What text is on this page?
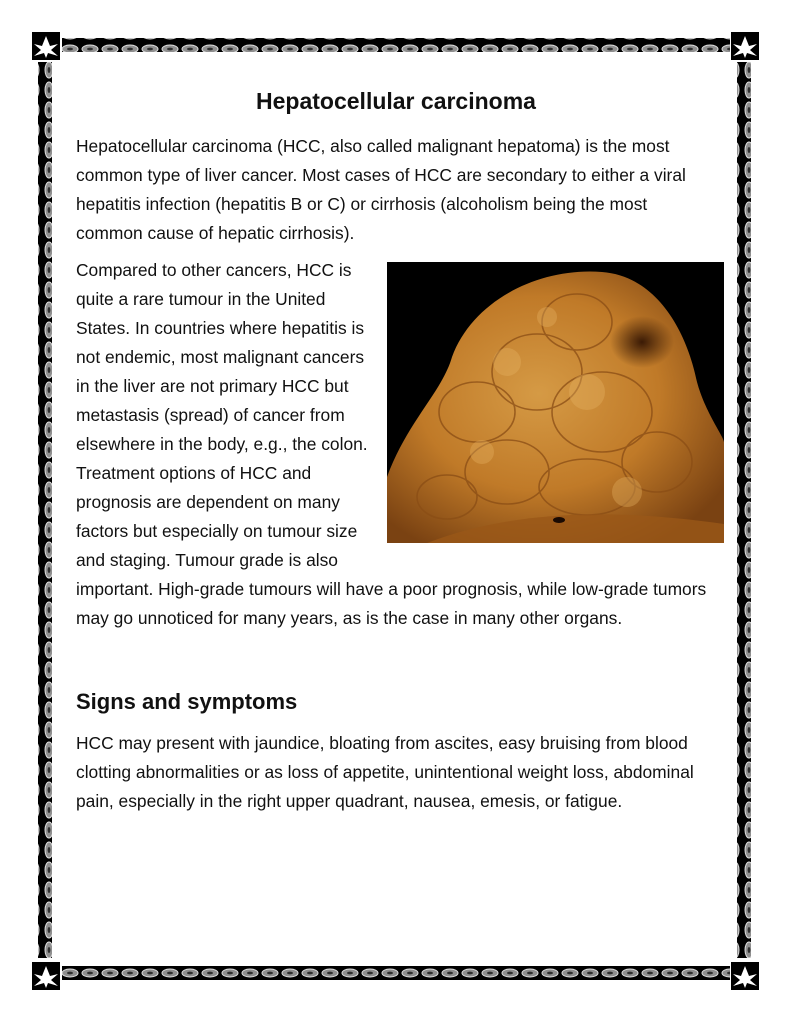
Hepatocellular carcinoma

Hepatocellular carcinoma (HCC, also called malignant hepatoma) is the most common type of liver cancer. Most cases of HCC are secondary to either a viral hepatitis infection (hepatitis B or C) or cirrhosis (alcoholism being the most common cause of hepatic cirrhosis).

Compared to other cancers, HCC is quite a rare tumour in the United States. In countries where hepatitis is not endemic, most malignant cancers in the liver are not primary HCC but metastasis (spread) of cancer from elsewhere in the body, e.g., the colon. Treatment options of HCC and prognosis are dependent on many factors but especially on tumour size and staging. Tumour grade is also important. High-grade tumours will have a poor prognosis, while low-grade tumors may go unnoticed for many years, as is the case in many other organs.

Signs and symptoms

HCC may present with jaundice, bloating from ascites, easy bruising from blood clotting abnormalities or as loss of appetite, unintentional weight loss, abdominal pain, especially in the right upper quadrant, nausea, emesis, or fatigue.
